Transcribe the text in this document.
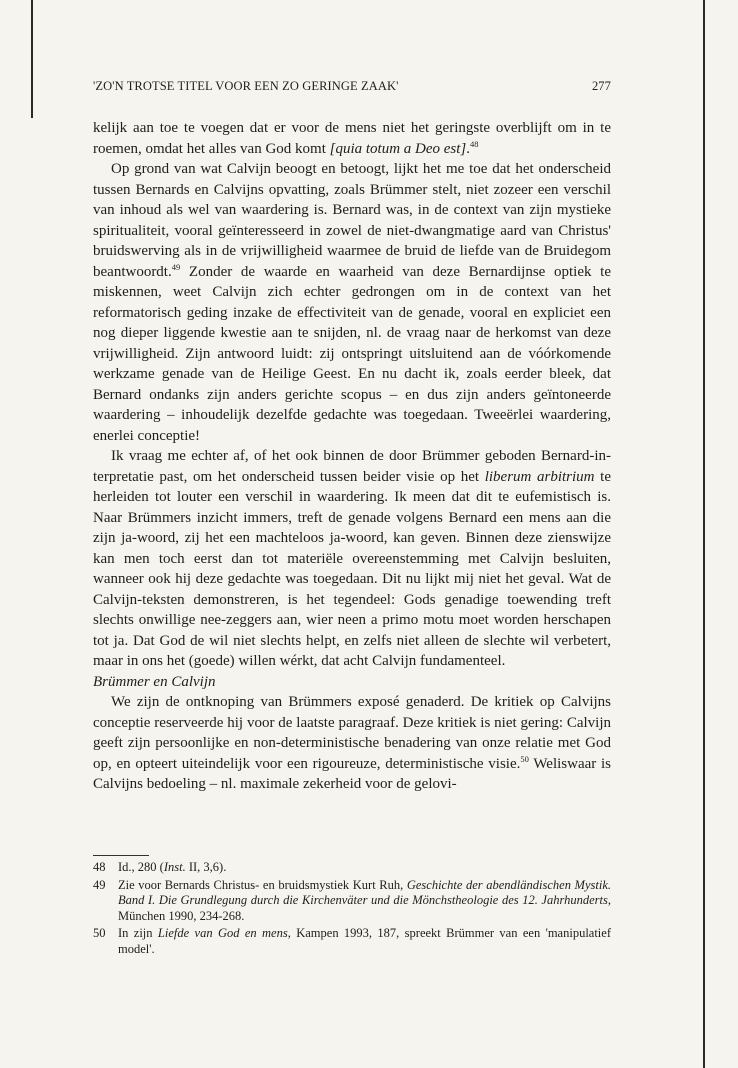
'ZO'N TROTSE TITEL VOOR EEN ZO GERINGE ZAAK'	277

kelijk aan toe te voegen dat er voor de mens niet het geringste overblijft om in te roemen, omdat het alles van God komt [quia totum a Deo est].$^{48}$

Op grond van wat Calvijn beoogt en betoogt, lijkt het me toe dat het onderscheid tussen Bernards en Calvijns opvatting, zoals Brümmer stelt, niet zozeer een verschil van inhoud als wel van waardering is. Bernard was, in de context van zijn mystieke spiritualiteit, vooral geïnteresseerd in zowel de niet-dwangmatige aard van Christus' bruidswerving als in de vrijwilligheid waarmee de bruid de liefde van de Bruidegom beantwoordt.$^{49}$ Zonder de waarde en waarheid van deze Bernardijnse optiek te miskennen, weet Calvijn zich echter gedrongen om in de context van het reformatorisch geding inzake de effectiviteit van de genade, vooral en expliciet een nog dieper liggende kwestie aan te snijden, nl. de vraag naar de herkomst van deze vrijwilligheid. Zijn antwoord luidt: zij ontspringt uitsluitend aan de vóórkomende werkzame genade van de Heilige Geest. En nu dacht ik, zoals eerder bleek, dat Bernard ondanks zijn anders gerichte scopus – en dus zijn anders geïntoneerde waardering – inhoudelijk dezelfde gedachte was toegedaan. Tweeërlei waardering, enerlei conceptie!

Ik vraag me echter af, of het ook binnen de door Brümmer geboden Bernard-interpretatie past, om het onderscheid tussen beider visie op het liberum arbitrium te herleiden tot louter een verschil in waardering. Ik meen dat dit te eufemistisch is. Naar Brümmers inzicht immers, treft de genade volgens Bernard een mens aan die zijn ja-woord, zij het een machteloos ja-woord, kan geven. Binnen deze zienswijze kan men toch eerst dan tot materiële overeenstemming met Calvijn besluiten, wanneer ook hij deze gedachte was toegedaan. Dit nu lijkt mij niet het geval. Wat de Calvijn-teksten demonstreren, is het tegendeel: Gods genadige toewending treft slechts onwillige nee-zeggers aan, wier neen a primo motu moet worden herschapen tot ja. Dat God de wil niet slechts helpt, en zelfs niet alleen de slechte wil verbetert, maar in ons het (goede) willen wérkt, dat acht Calvijn fundamenteel.

Brümmer en Calvijn

We zijn de ontknoping van Brümmers exposé genaderd. De kritiek op Calvijns conceptie reserveerde hij voor de laatste paragraaf. Deze kritiek is niet gering: Calvijn geeft zijn persoonlijke en non-deterministische benadering van onze relatie met God op, en opteert uiteindelijk voor een rigoureuze, deterministische visie.$^{50}$ Weliswaar is Calvijns bedoeling – nl. maximale zekerheid voor de gelovi-

48 Id., 280 (Inst. II, 3,6).
49 Zie voor Bernards Christus- en bruidsmystiek Kurt Ruh, Geschichte der abendländischen Mystik. Band I. Die Grundlegung durch die Kirchenväter und die Mönchstheologie des 12. Jahrhunderts, München 1990, 234-268.
50 In zijn Liefde van God en mens, Kampen 1993, 187, spreekt Brümmer van een 'manipulatief model'.
